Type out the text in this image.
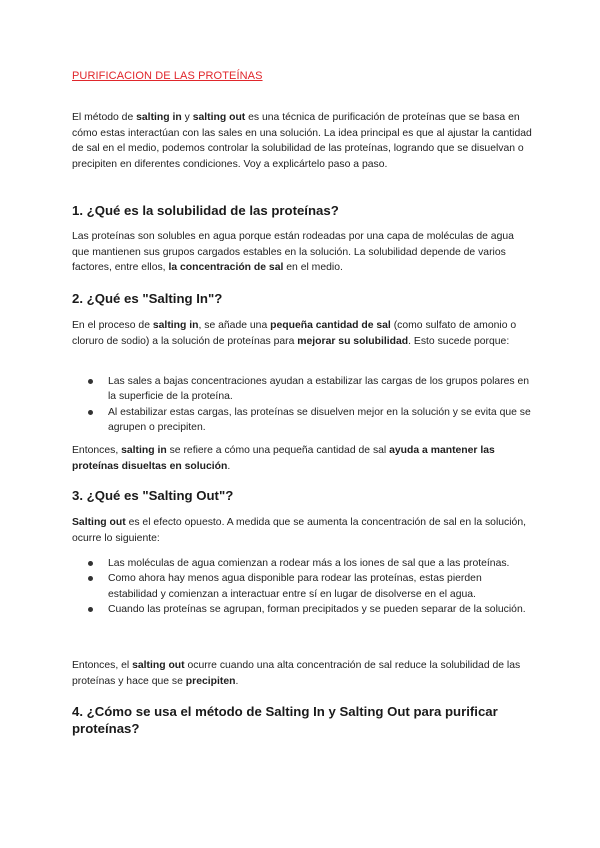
PURIFICACION DE LAS PROTEÍNAS

El método de salting in y salting out es una técnica de purificación de proteínas que se basa en cómo estas interactúan con las sales en una solución. La idea principal es que al ajustar la cantidad de sal en el medio, podemos controlar la solubilidad de las proteínas, logrando que se disuelvan o precipiten en diferentes condiciones. Voy a explicártelo paso a paso.

1. ¿Qué es la solubilidad de las proteínas?

Las proteínas son solubles en agua porque están rodeadas por una capa de moléculas de agua que mantienen sus grupos cargados estables en la solución. La solubilidad depende de varios factores, entre ellos, la concentración de sal en el medio.

2. ¿Qué es "Salting In"?

En el proceso de salting in, se añade una pequeña cantidad de sal (como sulfato de amonio o cloruro de sodio) a la solución de proteínas para mejorar su solubilidad. Esto sucede porque:

Las sales a bajas concentraciones ayudan a estabilizar las cargas de los grupos polares en la superficie de la proteína.
Al estabilizar estas cargas, las proteínas se disuelven mejor en la solución y se evita que se agrupen o precipiten.

Entonces, salting in se refiere a cómo una pequeña cantidad de sal ayuda a mantener las proteínas disueltas en solución.

3. ¿Qué es "Salting Out"?

Salting out es el efecto opuesto. A medida que se aumenta la concentración de sal en la solución, ocurre lo siguiente:

Las moléculas de agua comienzan a rodear más a los iones de sal que a las proteínas.
Como ahora hay menos agua disponible para rodear las proteínas, estas pierden estabilidad y comienzan a interactuar entre sí en lugar de disolverse en el agua.
Cuando las proteínas se agrupan, forman precipitados y se pueden separar de la solución.

Entonces, el salting out ocurre cuando una alta concentración de sal reduce la solubilidad de las proteínas y hace que se precipiten.

4. ¿Cómo se usa el método de Salting In y Salting Out para purificar proteínas?
